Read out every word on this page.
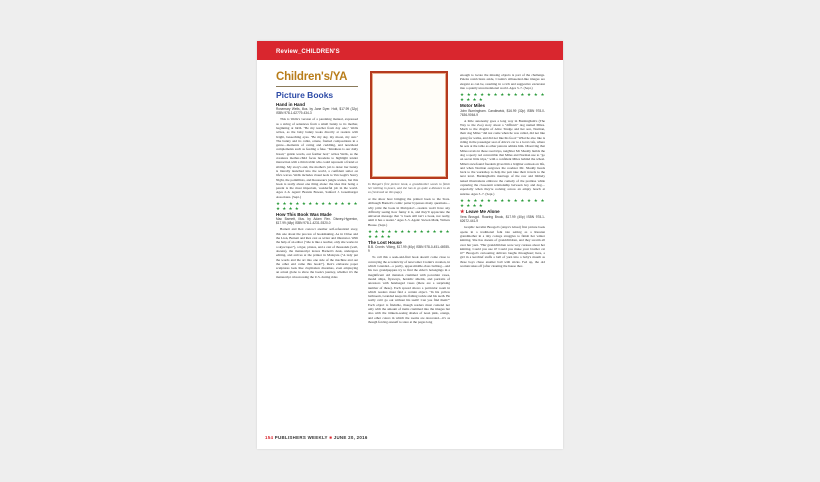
Review_CHILDREN'S
Children's/YA
Picture Books
Hand in Hand
Rosemary Wells, illus. by Jane Dyer. Holt, $17.99 (32p) ISBN 978-1-62779-434-3

This is Wells's version of a parenting manual, expressed as a string of sentences from a small bunny to its mother, beginning at birth. "Be my teacher from day one," Wells writes, as the baby bunny looks directly at readers with bright, beseeching eyes. "Be my sky, my moon, my sun." The bunny and its cabin, ornate, framed compositions in a genre—moments of caring and cuddling, and newshead complements such as feeding a fake. "Kindness is our daily bread," gentle words, our feather bed," writes Wells, as the creatures mother-child focus broadens to highlight tender interaction with a third rabbit who could represent a friend or sibling. My story's end, the mother's job is done: her bunny is literally launched into the world, a confident sailor on life's waves. Wells includes visual nods to Van Gogh's Starry Night, the pointillists, and Rousseau's jungle scenes, but this book is really about one thing alone: the idea that being a parent is the most important, wonderful job in the world. Ages 2–6. Agent: Brenda Bowen, Sanford J. Greenburger Associates. (Sept.)

★ ★ ★ ★ ★ ★ ★ ★ ★ ★ ★ ★ ★ ★ ★ ★ ★
How This Book Was Made
Mac Barnett, illus. by Adam Rex. Disney-Hyperion, $17.99 (48p) ISBN 978-1-4231-9320-0

Barnett and Rex concoct another self-referential story, this one about the process of bookmaking. As in Chloe and the Lion, Barnett and Rex cast as writer and illustrator. With the help of an editor ("she is like a teacher, only she works in a skyscraper"), a tiger, pirates, and a cast of thousands (well, dozens), the manuscript leaves Barnett's desk, undergoes editing, and arrives at the printer in Malaysia ("A lady put the words and the art into one side of the machine and out the other end came this book!"). Rex's elaborate paper sculptures look like claymation dioramas, even employing an actual globe to show the book's journey, whether it's the manuscript crisscrossing the U.S. during rides

In Bengal's first picture book, a grandmother wants to finish her knitting in peace, and she has to go quite a distance to do so (reviewed on this page).

or the show host bringing the printed book to the Stars. Although Barnett's comic patter bypasses many questions—why print the book in Malaysia?—readers won't have any difficulty seeing how funny it is, and they'll appreciate the universal message that "a book still isn't a book, not really, until it has a reader." Ages 3–5. Agent: Steven Malk, Writers House. (Sept.)

★ ★ ★ ★ ★ ★ ★ ★ ★ ★ ★ ★ ★ ★ ★ ★ ★
The Lost House
B.B. Cronin. Viking, $17.99 (40p) ISBN 978-0-451-46935-9

To call this a seek-and-find book doesn't come close to conveying the eccentricity of newcomer Cronin's creation, in which Grandad—a portly, upper-middle-class bulldog—and his two grandpuppies try to find the elder's belongings in a magnificent old mansion crammed with porcelain vases, model ships, flyaways, heraldic shields, and portraits of ancestors with handsaged vases (there are a surprising number of these). Each spread shows a particular room in which readers must find a certain object. "In his yellow bathroom, Grandad keeps his fishing tackle and his teeth. He really can't go out without his teeth! Can you find them?" Each object is findable, though readers must contend not only with the amount of items crammed into the images but also with the trinkets-seeing shades of neon pink, orange, and other colors in which the rooms are decorated—it's as though forcing oneself to stare at the pages long

enough to locate the missing objects is part of the challenge. Palette restrictions aside, Cronin's silhouetted-like images are elegant as can be, resulting in a rich and suggestive excursion into a quietly unconventional world. Ages 3–7. (Sept.)

★ ★ ★ ★ ★ ★ ★ ★ ★ ★ ★ ★ ★ ★ ★ ★ ★
Motor Miles
John Burningham. Candlewick, $16.99 (32p) ISBN 978-0-7636-9064-9

A little autonomy goes a long way in Burningham's (The Way to the Zoo) story about a "difficult" dog named Miles. Much to the chagrin of Alice Trudge and her son, Norman, their dog Miles "did not come when he was called, did not like going for walks, and did not like his food." What he also like is riding in the passenger seat of Alice's car to a local cafe, where he sets at the table as other patrons admire him. Observing that Miles revels in these road trips, neighbor Mr Shaddy builds the dog a sporty red convertible that Miles and Norman use to "go on secret little trips," with a confident Miles behind the wheel. Miles's newfound freedom gives him a brighter outlook on life, and when Norman outgrows the roadster Mr. Shaddy heads back to the workshop to help the pair take their travels to the next level. Burningham's marriage of the raw and blithely naked illustrations embrace the comedy of the premise while capturing the close-knit relationship between boy and dog—especially when they're rocking across an empty beach at sunrise. Ages 3–7. (Sept.)

★ ★ ★ ★ ★ ★ ★ ★ ★ ★ ★ ★ ★ ★ ★ ★ ★
★ Leave Me Alone
Vera Brosgol. Roaring Brook, $17.99 (40p) ISBN 978-1-62672-441-9

Graphic novelist Brosgol's (Anya's Ghost) first picture book opens in a traditional folk tale setting as a Russian grandmother in a tiny cottage struggles to finish her winter knitting. She has dozens of grandchildren, and they swarm all over her yarn. "Her grandchildren were very curious about her knitting. Could you use it? Could you make your brother cat it?" Brosgol's cartooning delivers laughs throughout; here, a girl in a kerchief stuffs a ball of yarn into a baby's mouth as three boys chase another ball with sticks. Fed up, the old woman takes off (after cleaning the house thor-

154 PUBLISHERS WEEKLY ■ JUNE 20, 2016
